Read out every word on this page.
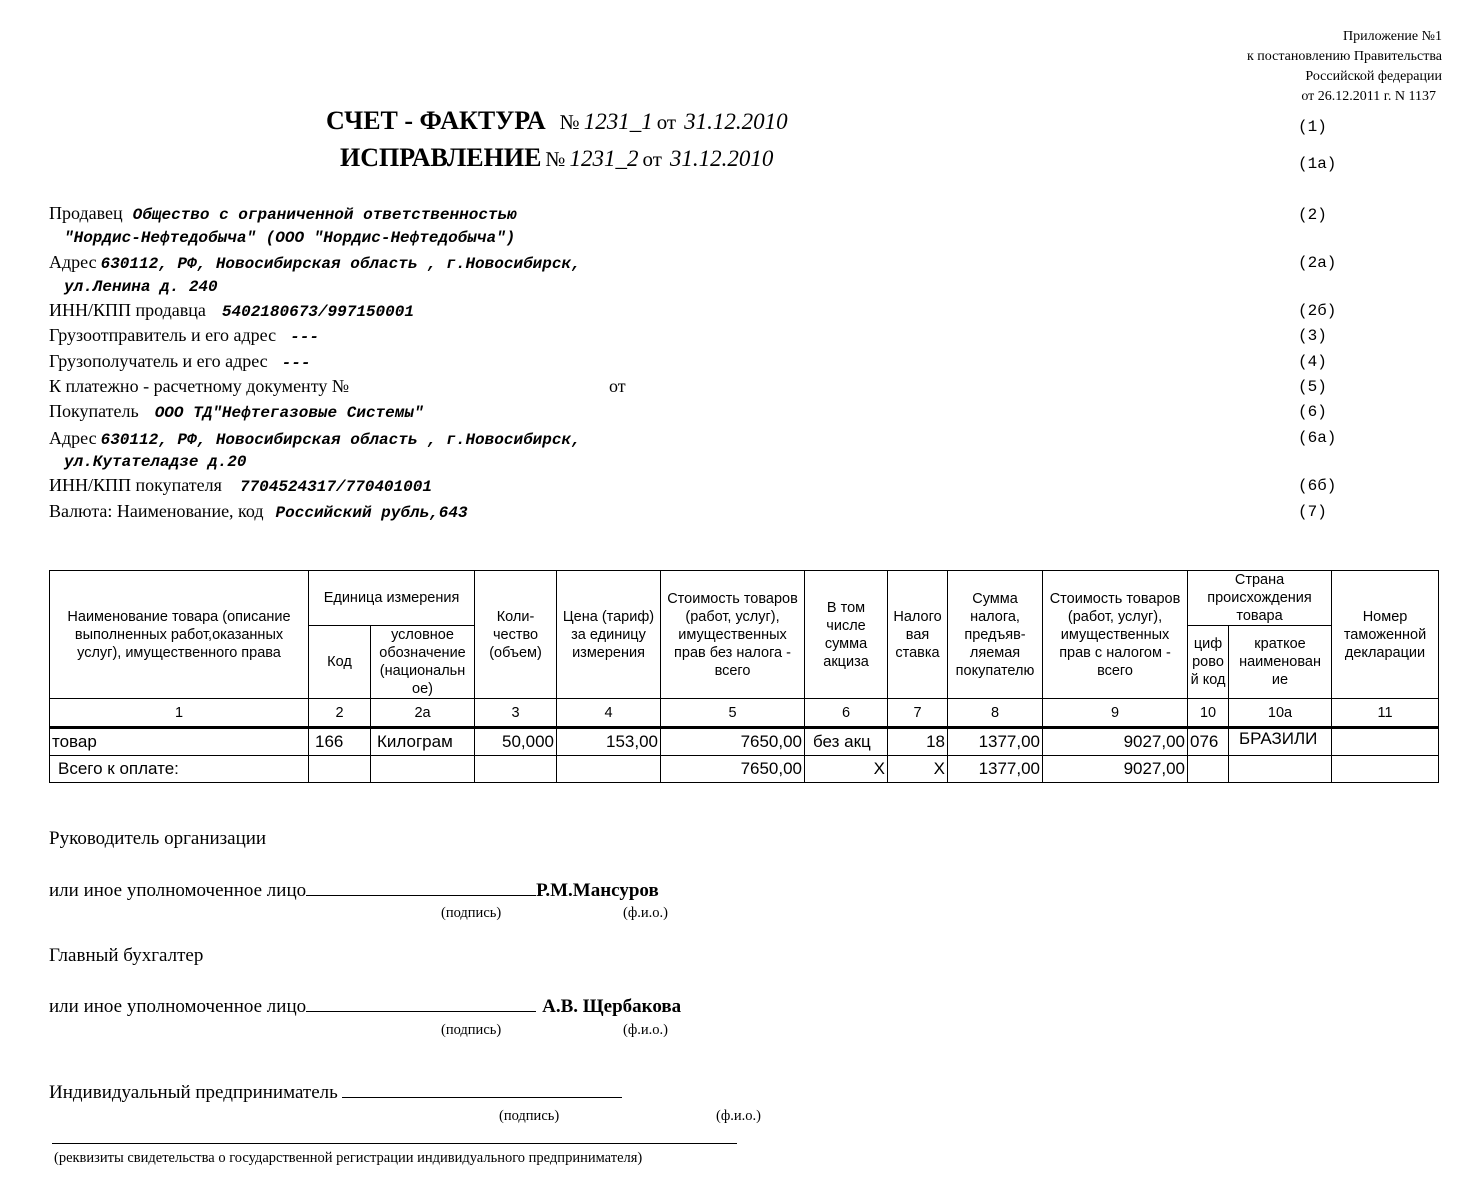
Приложение №1
к постановлению Правительства
Российской федерации
от 26.12.2011 г. N 1137
СЧЕТ - ФАКТУРА № 1231_1 от 31.12.2010	(1)
ИСПРАВЛЕНИЕ № 1231_2 от 31.12.2010	(1а)
Продавец Общество с ограниченной ответственностью	(2)
"Нордис-Нефтедобыча" (ООО "Нордис-Нефтедобыча")
Адрес 630112, РФ, Новосибирская область , г.Новосибирск,	(2а)
ул.Ленина д. 240
ИНН/КПП продавца 5402180673/997150001	(2б)
Грузоотправитель и его адрес ---	(3)
Грузополучатель и его адрес ---	(4)
К платежно - расчетному документу №	от	(5)
Покупатель ООО ТД"Нефтегазовые Системы"	(6)
Адрес 630112, РФ, Новосибирская область , г.Новосибирск,	(6а)
ул.Кутателадзе д.20
ИНН/КПП покупателя 7704524317/770401001	(6б)
Валюта: Наименование, код Российский рубль,643	(7)
Наименование товара (описание выполненных работ,оказанных услуг), имущественного права	Единица измерения		Коли- чество (объем)	Цена (тариф) за единицу измерения	Стоимость товаров (работ, услуг), имущественных прав без налога - всего	В том числе сумма акциза	Налого вая ставка	Сумма налога, предъяв- ляемая покупателю	Стоимость товаров (работ, услуг), имущественных прав с налогом - всего	Страна происхождения товара		Номер таможенной декларации
	Код	условное обозначение (национальн ое)								циф ровo й код	краткое наименован ие	
1	2	2а	3	4	5	6	7	8	9	10	10а	11
товар	166	Килограм	50,000	153,00	7650,00	без акц	18	1377,00	9027,00	076	БРАЗИЛИ	
Всего к оплате:					7650,00	X	X	1377,00	9027,00			
Руководитель организации
или иное уполномоченное лицо	Р.М.Мансуров
(подпись)	(ф.и.о.)
Главный бухгалтер
или иное уполномоченное лицо	А.В. Щербакова
(подпись)	(ф.и.о.)
Индивидуальный предприниматель
(подпись)	(ф.и.о.)
(реквизиты свидетельства о государственной регистрации индивидуального предпринимателя)
